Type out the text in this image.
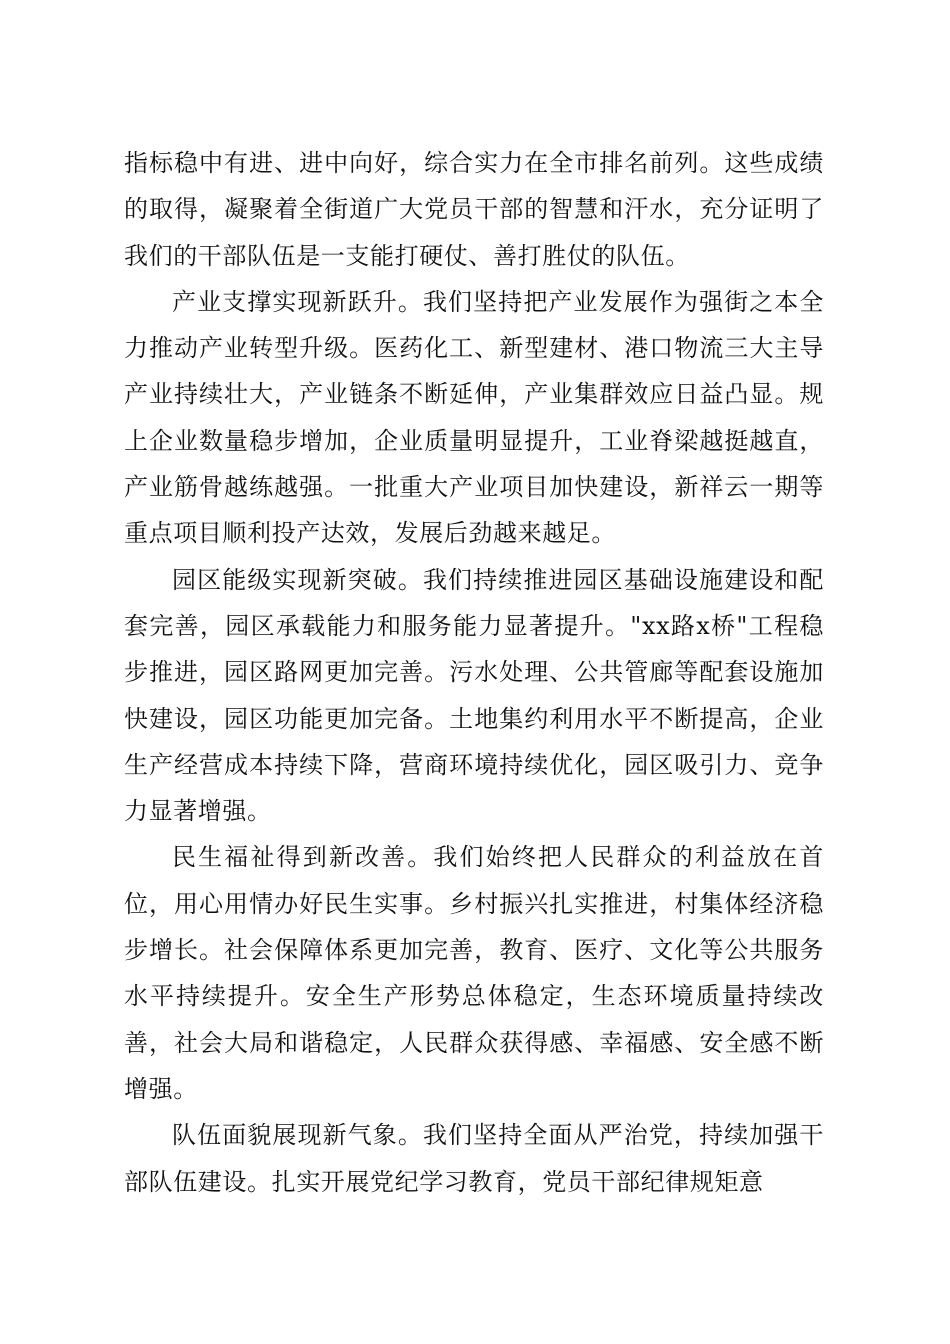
指标稳中有进、进中向好，综合实力在全市排名前列。这些成绩的取得，凝聚着全街道广大党员干部的智慧和汗水，充分证明了我们的干部队伍是一支能打硬仗、善打胜仗的队伍。

产业支撑实现新跃升。我们坚持把产业发展作为强街之本全力推动产业转型升级。医药化工、新型建材、港口物流三大主导产业持续壮大，产业链条不断延伸，产业集群效应日益凸显。规上企业数量稳步增加，企业质量明显提升，工业脊梁越挺越直，产业筋骨越练越强。一批重大产业项目加快建设，新祥云一期等重点项目顺利投产达效，发展后劲越来越足。

园区能级实现新突破。我们持续推进园区基础设施建设和配套完善，园区承载能力和服务能力显著提升。"xx路x桥"工程稳步推进，园区路网更加完善。污水处理、公共管廊等配套设施加快建设，园区功能更加完备。土地集约利用水平不断提高，企业生产经营成本持续下降，营商环境持续优化，园区吸引力、竞争力显著增强。

民生福祉得到新改善。我们始终把人民群众的利益放在首位，用心用情办好民生实事。乡村振兴扎实推进，村集体经济稳步增长。社会保障体系更加完善，教育、医疗、文化等公共服务水平持续提升。安全生产形势总体稳定，生态环境质量持续改善，社会大局和谐稳定，人民群众获得感、幸福感、安全感不断增强。

队伍面貌展现新气象。我们坚持全面从严治党，持续加强干部队伍建设。扎实开展党纪学习教育，党员干部纪律规矩意
